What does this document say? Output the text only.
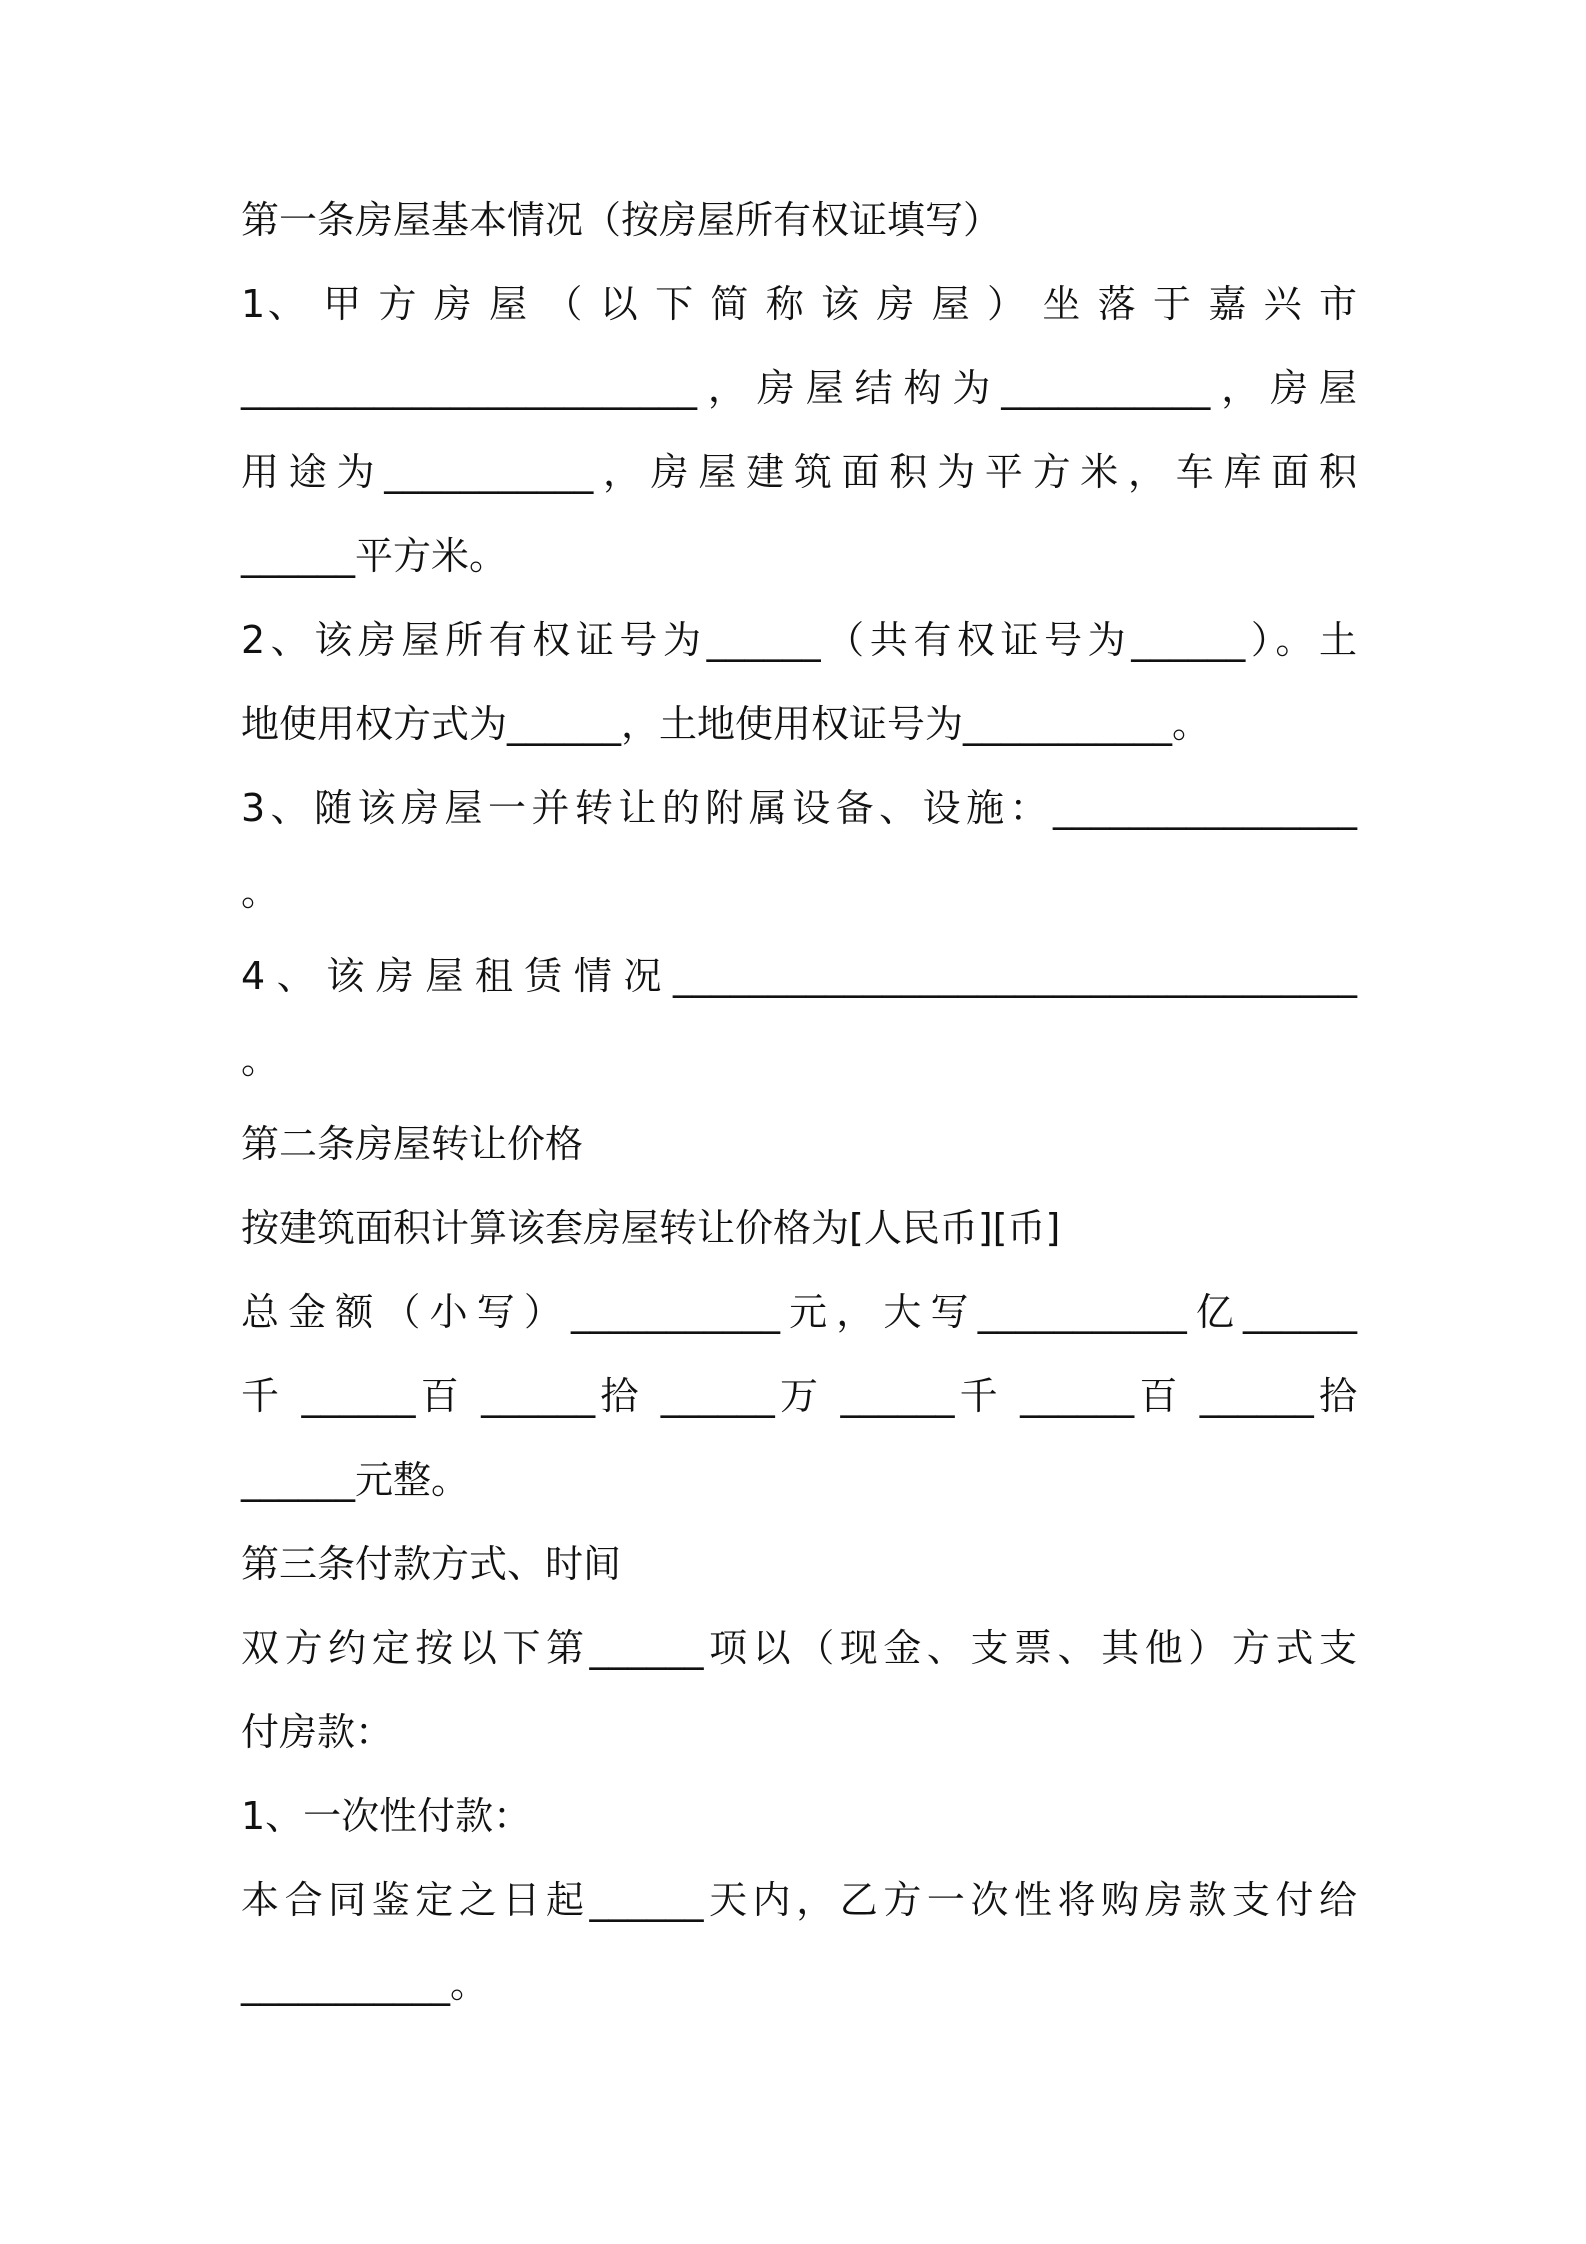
第一条房屋基本情况（按房屋所有权证填写）
1、 甲 方 房 屋 （ 以 下 简 称 该 房 屋 ） 坐 落 于 嘉 兴 市
________________________，房屋结构为___________，房屋
用途为___________，房屋建筑面积为平方米，车库面积
______平方米。
2、该房屋所有权证号为______（共有权证号为______）。土
地使用权方式为______，土地使用权证号为___________。
3、随该房屋一并转让的附属设备、设施：________________
。
4、该房屋租赁情况____________________________________
。
第二条房屋转让价格
按建筑面积计算该套房屋转让价格为[人民币][币]
总金额（小写）___________元，大写___________亿______
千 ______百 ______拾 ______万 ______千 ______百 ______拾
______元整。
第三条付款方式、时间
双方约定按以下第______项以（现金、支票、其他）方式支
付房款：
1、一次性付款：
本合同鉴定之日起______天内，乙方一次性将购房款支付给
___________。
